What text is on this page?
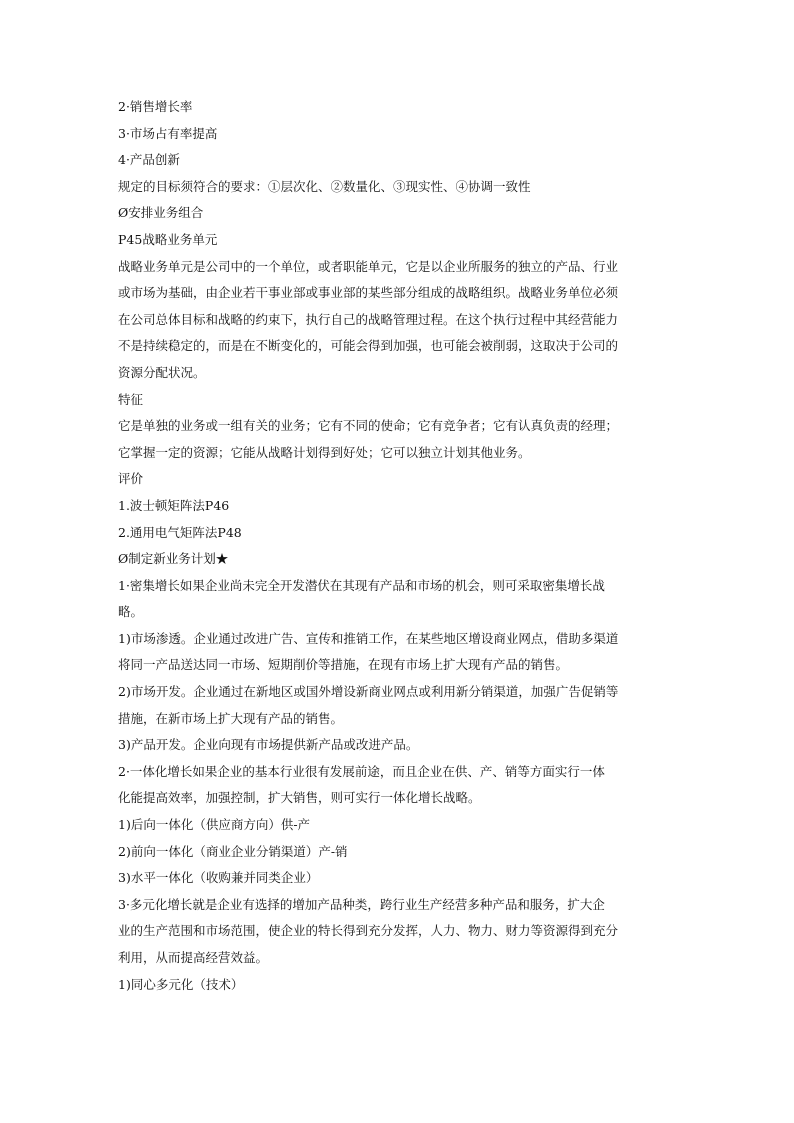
2·销售增长率

3·市场占有率提高

4·产品创新

规定的目标须符合的要求：①层次化、②数量化、③现实性、④协调一致性

Ø安排业务组合

P45战略业务单元

战略业务单元是公司中的一个单位，或者职能单元，它是以企业所服务的独立的产品、行业

或市场为基础，由企业若干事业部或事业部的某些部分组成的战略组织。战略业务单位必须

在公司总体目标和战略的约束下，执行自己的战略管理过程。在这个执行过程中其经营能力

不是持续稳定的，而是在不断变化的，可能会得到加强，也可能会被削弱，这取决于公司的

资源分配状况。

特征

它是单独的业务或一组有关的业务；它有不同的使命；它有竞争者；它有认真负责的经理；

它掌握一定的资源；它能从战略计划得到好处；它可以独立计划其他业务。

评价

1.波士顿矩阵法P46

2.通用电气矩阵法P48

Ø制定新业务计划★

1·密集增长如果企业尚未完全开发潜伏在其现有产品和市场的机会，则可采取密集增长战

略。

1)市场渗透。企业通过改进广告、宣传和推销工作，在某些地区增设商业网点，借助多渠道

将同一产品送达同一市场、短期削价等措施，在现有市场上扩大现有产品的销售。

2)市场开发。企业通过在新地区或国外增设新商业网点或利用新分销渠道，加强广告促销等

措施，在新市场上扩大现有产品的销售。

3)产品开发。企业向现有市场提供新产品或改进产品。

2·一体化增长如果企业的基本行业很有发展前途，而且企业在供、产、销等方面实行一体

化能提高效率，加强控制，扩大销售，则可实行一体化增长战略。

1)后向一体化（供应商方向）供-产

2)前向一体化（商业企业分销渠道）产-销

3)水平一体化（收购兼并同类企业）

3·多元化增长就是企业有选择的增加产品种类，跨行业生产经营多种产品和服务，扩大企

业的生产范围和市场范围，使企业的特长得到充分发挥，人力、物力、财力等资源得到充分

利用，从而提高经营效益。

1)同心多元化（技术）
